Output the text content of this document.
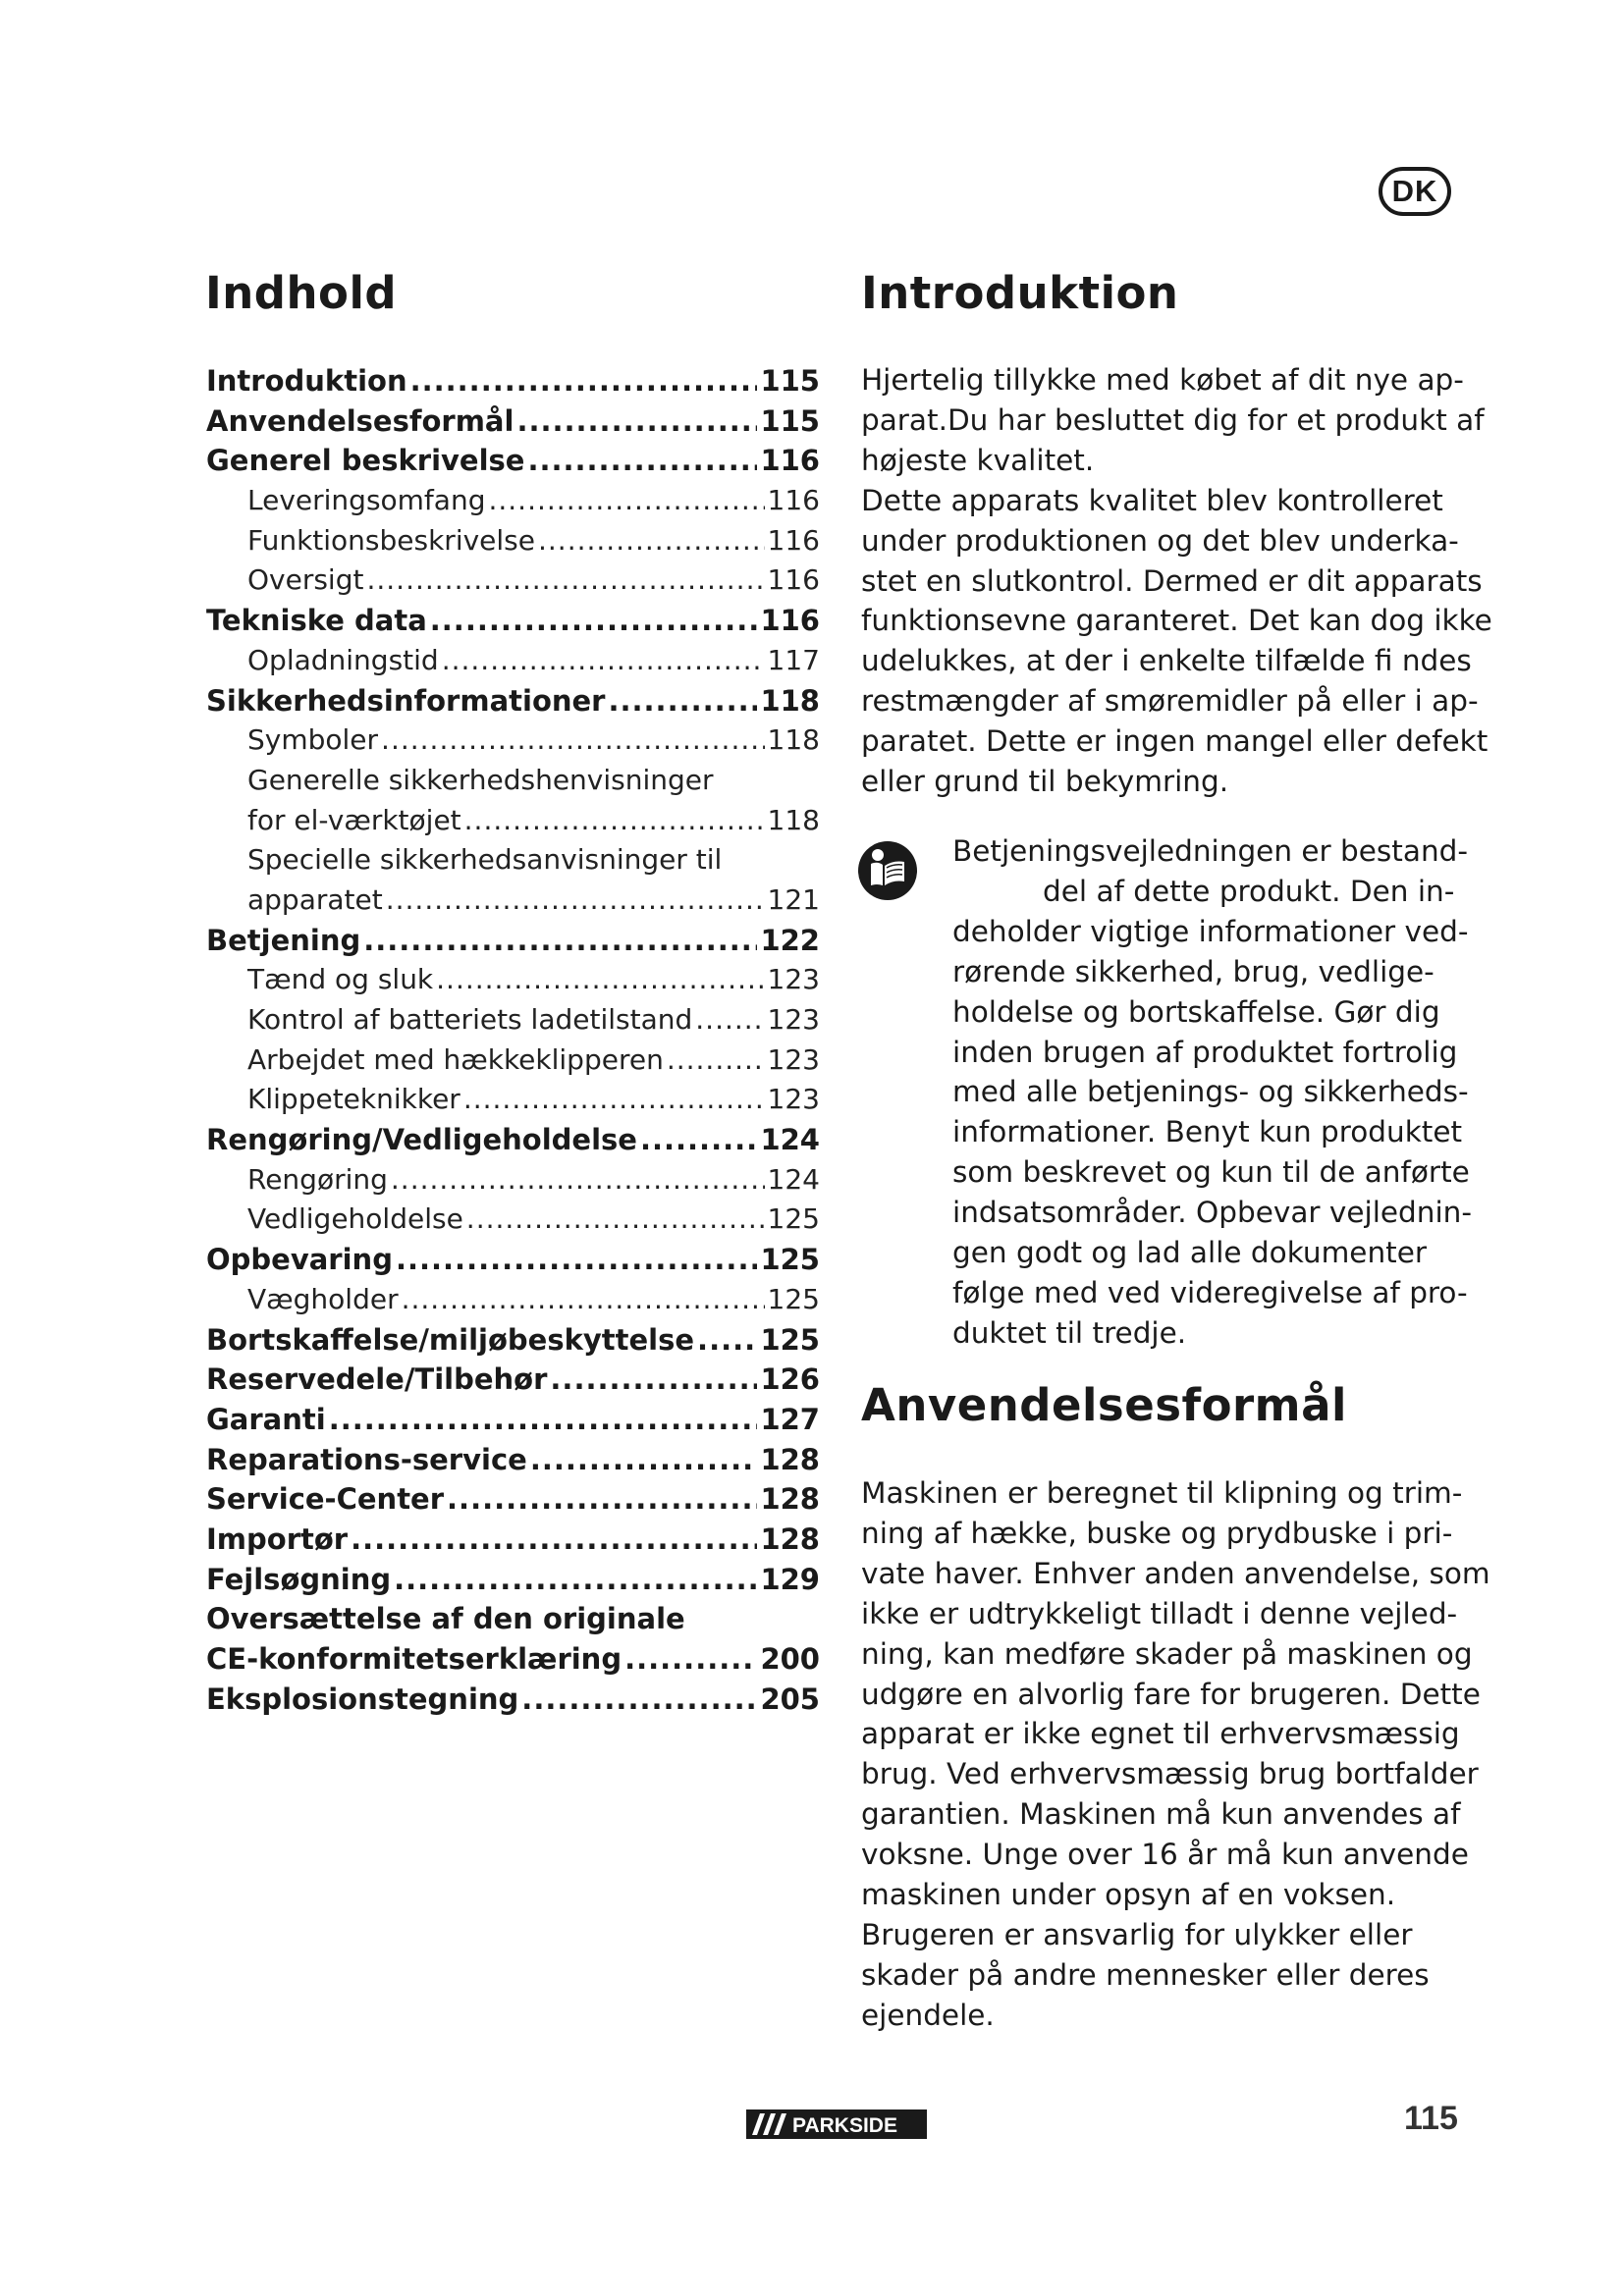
DK
Indhold
Introduktion .....	115
Anvendelsesformål .....	115
Generel beskrivelse .....	116
Leveringsomfang .....	116
Funktionsbeskrivelse .....	116
Oversigt .....	116
Tekniske data .....	116
Opladningstid .....	117
Sikkerhedsinformationer .....	118
Symboler .....	118
Generelle sikkerhedshenvisninger
for el-værktøjet .....	118
Specielle sikkerhedsanvisninger til
apparatet .....	121
Betjening .....	122
Tænd og sluk .....	123
Kontrol af batteriets ladetilstand .....	123
Arbejdet med hækkeklipperen .....	123
Klippeteknikker .....	123
Rengøring/Vedligeholdelse .....	124
Rengøring .....	124
Vedligeholdelse .....	125
Opbevaring .....	125
Vægholder .....	125
Bortskaffelse/miljøbeskyttelse ..... 125
Reservedele/Tilbehør .....	126
Garanti .....	127
Reparations-service .....	128
Service-Center .....	128
Importør .....	128
Fejlsøgning .....	129
Oversættelse af den originale
CE-konformitetserklæring .....	200
Eksplosionstegning .....	205
Introduktion
Hjertelig tillykke med købet af dit nye ap-
parat.Du har besluttet dig for et produkt af
højeste kvalitet.
Dette apparats kvalitet blev kontrolleret
under produktionen og det blev underka-
stet en slutkontrol. Dermed er dit apparats
funktionsevne garanteret. Det kan dog ikke
udelukkes, at der i enkelte tilfælde fi ndes
restmængder af smøremidler på eller i ap-
paratet. Dette er ingen mangel eller defekt
eller grund til bekymring.
Betjeningsvejledningen er bestand-
del af dette produkt. Den in-
deholder vigtige informationer ved-
rørende sikkerhed, brug, vedlige-
holdelse og bortskaffelse. Gør dig
inden brugen af produktet fortrolig
med alle betjenings- og sikkerheds-
informationer. Benyt kun produktet
som beskrevet og kun til de anførte
indsatsområder. Opbevar vejlednin-
gen godt og lad alle dokumenter
følge med ved videregivelse af pro-
duktet til tredje.
Anvendelsesformål
Maskinen er beregnet til klipning og trim-
ning af hække, buske og prydbuske i pri-
vate haver. Enhver anden anvendelse, som
ikke er udtrykkeligt tilladt i denne vejled-
ning, kan medføre skader på maskinen og
udgøre en alvorlig fare for brugeren. Dette
apparat er ikke egnet til erhvervsmæssig
brug. Ved erhvervsmæssig brug bortfalder
garantien. Maskinen må kun anvendes af
voksne. Unge over 16 år må kun anvende
maskinen under opsyn af en voksen.
Brugeren er ansvarlig for ulykker eller
skader på andre mennesker eller deres
ejendele.
PARKSIDE	115
